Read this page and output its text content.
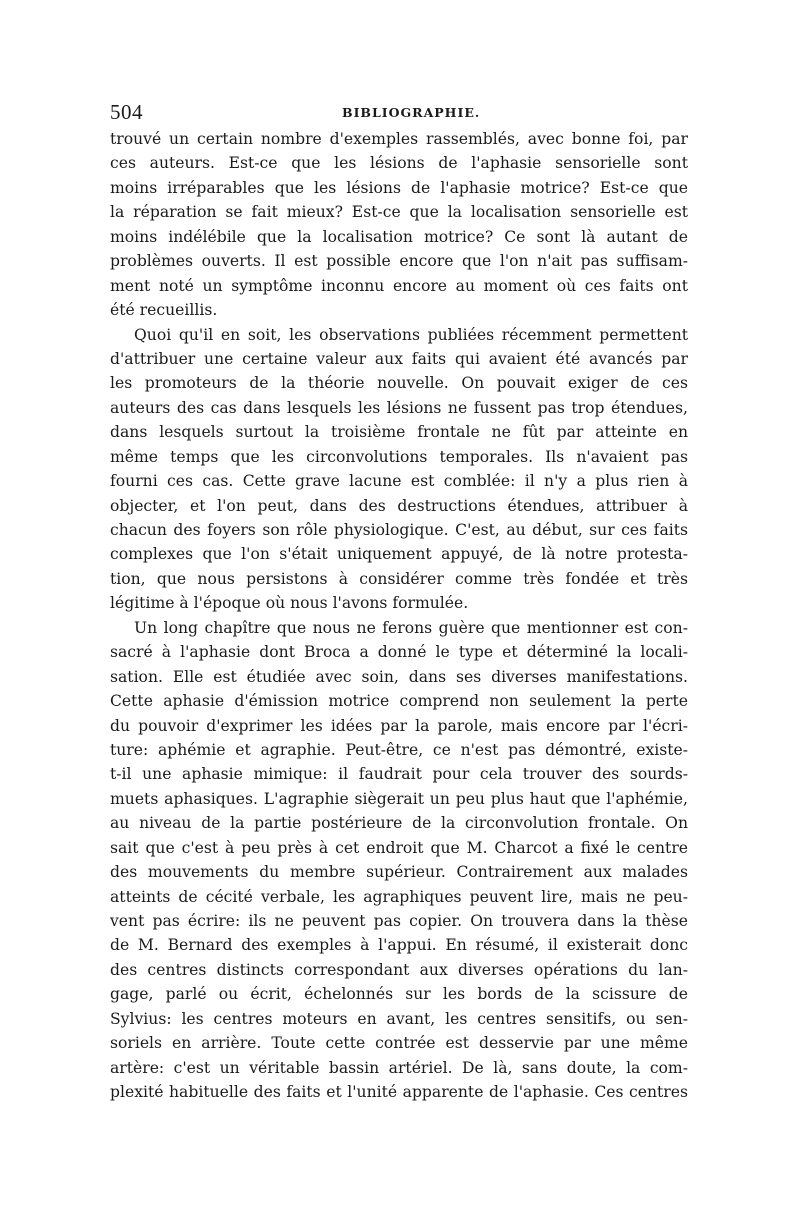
504	BIBLIOGRAPHIE.
trouvé un certain nombre d'exemples rassemblés, avec bonne foi, par
ces auteurs. Est-ce que les lésions de l'aphasie sensorielle sont
moins irréparables que les lésions de l'aphasie motrice? Est-ce que
la réparation se fait mieux? Est-ce que la localisation sensorielle est
moins indélébile que la localisation motrice? Ce sont là autant de
problèmes ouverts. Il est possible encore que l'on n'ait pas suffisam-
ment noté un symptôme inconnu encore au moment où ces faits ont
été recueillis.
Quoi qu'il en soit, les observations publiées récemment permettent
d'attribuer une certaine valeur aux faits qui avaient été avancés par
les promoteurs de la théorie nouvelle. On pouvait exiger de ces
auteurs des cas dans lesquels les lésions ne fussent pas trop étendues,
dans lesquels surtout la troisième frontale ne fût par atteinte en
même temps que les circonvolutions temporales. Ils n'avaient pas
fourni ces cas. Cette grave lacune est comblée: il n'y a plus rien à
objecter, et l'on peut, dans des destructions étendues, attribuer à
chacun des foyers son rôle physiologique. C'est, au début, sur ces faits
complexes que l'on s'était uniquement appuyé, de là notre protesta-
tion, que nous persistons à considérer comme très fondée et très
légitime à l'époque où nous l'avons formulée.
Un long chapître que nous ne ferons guère que mentionner est con-
sacré à l'aphasie dont Broca a donné le type et déterminé la locali-
sation. Elle est étudiée avec soin, dans ses diverses manifestations.
Cette aphasie d'émission motrice comprend non seulement la perte
du pouvoir d'exprimer les idées par la parole, mais encore par l'écri-
ture: aphémie et agraphie. Peut-être, ce n'est pas démontré, existe-
t-il une aphasie mimique: il faudrait pour cela trouver des sourds-
muets aphasiques. L'agraphie siègerait un peu plus haut que l'aphémie,
au niveau de la partie postérieure de la circonvolution frontale. On
sait que c'est à peu près à cet endroit que M. Charcot a fixé le centre
des mouvements du membre supérieur. Contrairement aux malades
atteints de cécité verbale, les agraphiques peuvent lire, mais ne peu-
vent pas écrire: ils ne peuvent pas copier. On trouvera dans la thèse
de M. Bernard des exemples à l'appui. En résumé, il existerait donc
des centres distincts correspondant aux diverses opérations du lan-
gage, parlé ou écrit, échelonnés sur les bords de la scissure de
Sylvius: les centres moteurs en avant, les centres sensitifs, ou sen-
soriels en arrière. Toute cette contrée est desservie par une même
artère: c'est un véritable bassin artériel. De là, sans doute, la com-
plexité habituelle des faits et l'unité apparente de l'aphasie. Ces centres
